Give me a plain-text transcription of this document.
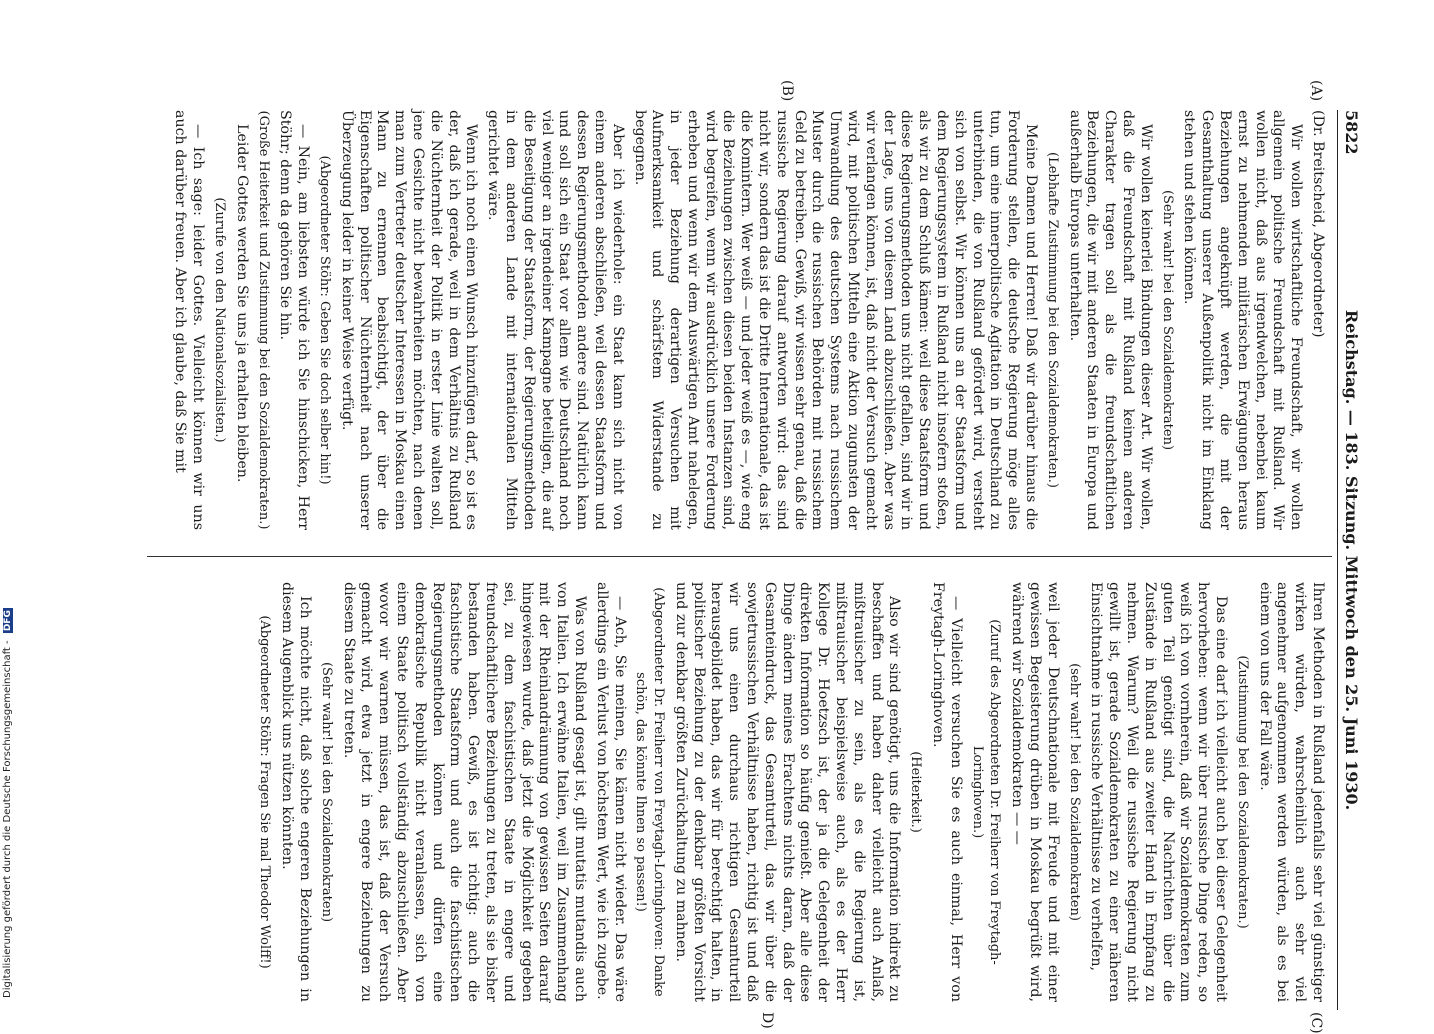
5822
Reichstag. — 183. Sitzung. Mittwoch den 25. Juni 1930.
(A)
(B)
(C)
D)

(Dr. Breitscheid, Abgeordneter)

Wir wollen wirtschaftliche Freundschaft, wir wollen allgemein politische Freundschaft mit Rußland. Wir wollen nicht, daß aus irgendwelchen, nebenbei kaum ernst zu nehmenden militärischen Erwägungen heraus Beziehungen angeknüpft werden, die mit der Gesamthaltung unserer Außenpolitik nicht im Einklang stehen und stehen können.

(Sehr wahr! bei den Sozialdemokraten)

Wir wollen keinerlei Bindungen dieser Art. Wir wollen, daß die Freundschaft mit Rußland keinen anderen Charakter tragen soll als die freundschaftlichen Beziehungen, die wir mit anderen Staaten in Europa und außerhalb Europas unterhalten.

(Lebhafte Zustimmung bei den Sozialdemokraten.)

Meine Damen und Herren! Daß wir darüber hinaus die Forderung stellen, die deutsche Regierung möge alles tun, um eine innerpolitische Agitation in Deutschland zu unterbinden, die von Rußland gefördert wird, versteht sich von selbst. Wir können uns an der Staatsform und dem Regierungssystem in Rußland nicht insofern stoßen, als wir zu dem Schluß kämen: weil diese Staatsform und diese Regierungsmethoden uns nicht gefallen, sind wir in der Lage, uns von diesem Land abzuschließen. Aber was wir verlangen können, ist, daß nicht der Versuch gemacht wird, mit politischen Mitteln eine Aktion zugunsten der Umwandlung des deutschen Systems nach russischem Muster durch die russischen Behörden mit russischem Geld zu betreiben. Gewiß, wir wissen sehr genau, daß die russische Regierung darauf antworten wird: das sind nicht wir, sondern das ist die Dritte Internationale, das ist die Komintern. Wer weiß — und jeder weiß es —, wie eng die Beziehungen zwischen diesen beiden Instanzen sind, wird begreifen, wenn wir ausdrücklich unsere Forderung erheben und wenn wir dem Auswärtigen Amt nahelegen, in jeder Beziehung derartigen Versuchen mit Aufmerksamkeit und schärfstem Widerstande zu begegnen.

Aber ich wiederhole: ein Staat kann sich nicht von einem anderen abschließen, weil dessen Staatsform und dessen Regierungsmethoden andere sind. Natürlich kann und soll sich ein Staat vor allem wie Deutschland noch viel weniger an irgendeiner Kampagne beteiligen, die auf die Beseitigung der Staatsform, der Regierungsmethoden in dem anderen Lande mit internationalen Mitteln gerichtet wäre.

Wenn ich noch einen Wunsch hinzufügen darf, so ist es der, daß ich gerade, weil in dem Verhältnis zu Rußland die Nüchternheit der Politik in erster Linie walten soll, jene Gesichte nicht bewahrheiten möchten, nach denen man zum Vertreter deutscher Interessen in Moskau einen Mann zu ernennen beabsichtigt, der über die Eigenschaften politischer Nüchternheit nach unserer Überzeugung leider in keiner Weise verfügt.

(Abgeordneter Stöhr: Geben Sie doch selber hin!)

— Nein, am liebsten würde ich Sie hinschicken, Herr Stöhr; denn da gehören Sie hin.

(Große Heiterkeit und Zustimmung bei den Sozialdemokraten.)

Leider Gottes werden Sie uns ja erhalten bleiben.

(Zurufe von den Nationalsozialisten.)

— Ich sage: leider Gottes. Vielleicht können wir uns auch darüber freuen. Aber ich glaube, daß Sie mit

Ihren Methoden in Rußland jedenfalls sehr viel günstiger wirken würden, wahrscheinlich auch sehr viel angenehmer aufgenommen werden würden, als es bei einem von uns der Fall wäre.

(Zustimmung bei den Sozialdemokraten.)

Das eine darf ich vielleicht auch bei dieser Gelegenheit hervorheben: wenn wir über russische Dinge reden, so weiß ich von vornherein, daß wir Sozialdemokraten zum guten Teil genötigt sind, die Nachrichten über die Zustände in Rußland aus zweiter Hand in Empfang zu nehmen. Warum? Weil die russische Regierung nicht gewillt ist, gerade Sozialdemokraten zu einer näheren Einsichtnahme in russische Verhältnisse zu verhelfen,

(sehr wahr! bei den Sozialdemokraten)

weil jeder Deutschnationale mit Freude und mit einer gewissen Begeisterung drüben in Moskau begrüßt wird, während wir Sozialdemokraten — —

(Zuruf des Abgeordneten Dr. Freiherr von Freytagh-Loringhoven.)

— Vielleicht versuchen Sie es auch einmal, Herr von Freytagh-Loringhoven.

(Heiterkeit.)

Also wir sind genötigt, uns die Information indirekt zu beschaffen und haben daher vielleicht auch Anlaß, mißtrauischer zu sein, als es die Regierung ist, mißtrauischer beispielsweise auch, als es der Herr Kollege Dr. Hoetzsch ist, der ja die Gelegenheit der direkten Information so häufig genießt. Aber alle diese Dinge ändern meines Erachtens nichts daran, daß der Gesamteindruck, das Gesamturteil, das wir über die sowjetrussischen Verhältnisse haben, richtig ist und daß wir uns einen durchaus richtigen Gesamturteil herausgebildet haben, das wir für berechtigt halten, in politischer Beziehung zu der denkbar größten Vorsicht und zur denkbar größten Zurückhaltung zu mahnen.

(Abgeordneter Dr. Freiherr von Freytagh-Loringhoven: Danke schön, das könnte Ihnen so passen!)

— Ach, Sie meinen, Sie kämen nicht wieder. Das wäre allerdings ein Verlust von höchstem Wert, wie ich zugebe.

Was von Rußland gesagt ist, gilt mutatis mutandis auch von Italien. Ich erwähne Italien, weil im Zusammenhang mit der Rheinlandräumung von gewissen Seiten darauf hingewiesen wurde, daß jetzt die Möglichkeit gegeben sei, zu dem faschistischen Staate in engere und freundschaftlichere Beziehungen zu treten, als sie bisher bestanden haben. Gewiß, es ist richtig: auch die faschistische Staatsform und auch die faschistischen Regierungsmethoden können und dürfen eine demokratische Republik nicht veranlassen, sich von einem Staate politisch vollständig abzuschließen. Aber wovor wir warnen müssen, das ist, daß der Versuch gemacht wird, etwa jetzt in engere Beziehungen zu diesem Staate zu treten.

(Sehr wahr! bei den Sozialdemokraten)

Ich möchte nicht, daß solche engeren Beziehungen in diesem Augenblick uns nützen könnten.

(Abgeordneter Stöhr: Fragen Sie mal Theodor Wolff!)

Digitalisierung gefördert durch die Deutsche Forschungsgemeinschaft - DFG
